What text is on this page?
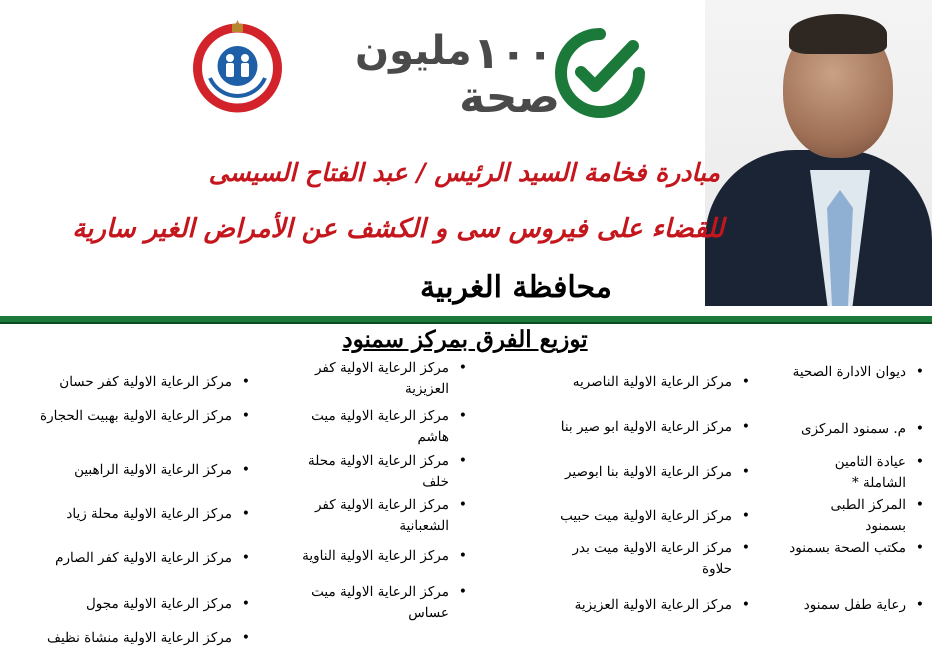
١٠٠
مليون
صحة
مبادرة فخامة السيد الرئيس / عبد الفتاح السيسى
للقضاء على فيروس سى و الكشف عن الأمراض الغير سارية
محافظة الغربية
توزيع الفرق بمركز سمنود
• ديوان الادارة الصحية
• م. سمنود المركزى
• عيادة التامين الشاملة *
• المركز الطبى بسمنود
• مكتب الصحة بسمنود
• رعاية طفل سمنود
• مركز الرعاية الاولية الناصريه
• مركز الرعاية الاولية ابو صير بنا
• مركز الرعاية الاولية بنا ابوصير
• مركز الرعاية الاولية ميت حبيب
• مركز الرعاية الاولية ميت بدر حلاوة
• مركز الرعاية الاولية العزيزية
• مركز الرعاية الاولية كفر العزيزية
• مركز الرعاية الاولية ميت هاشم
• مركز الرعاية الاولية محلة خلف
• مركز الرعاية الاولية كفر الشعبانية
• مركز الرعاية الاولية الناوية
• مركز الرعاية الاولية ميت عساس
• مركز الرعاية الاولية كفر حسان
• مركز الرعاية الاولية بهبيت الحجارة
• مركز الرعاية الاولية الراهبين
• مركز الرعاية الاولية محلة زياد
• مركز الرعاية الاولية كفر الصارم
• مركز الرعاية الاولية مجول
• مركز الرعاية الاولية منشاة نظيف
